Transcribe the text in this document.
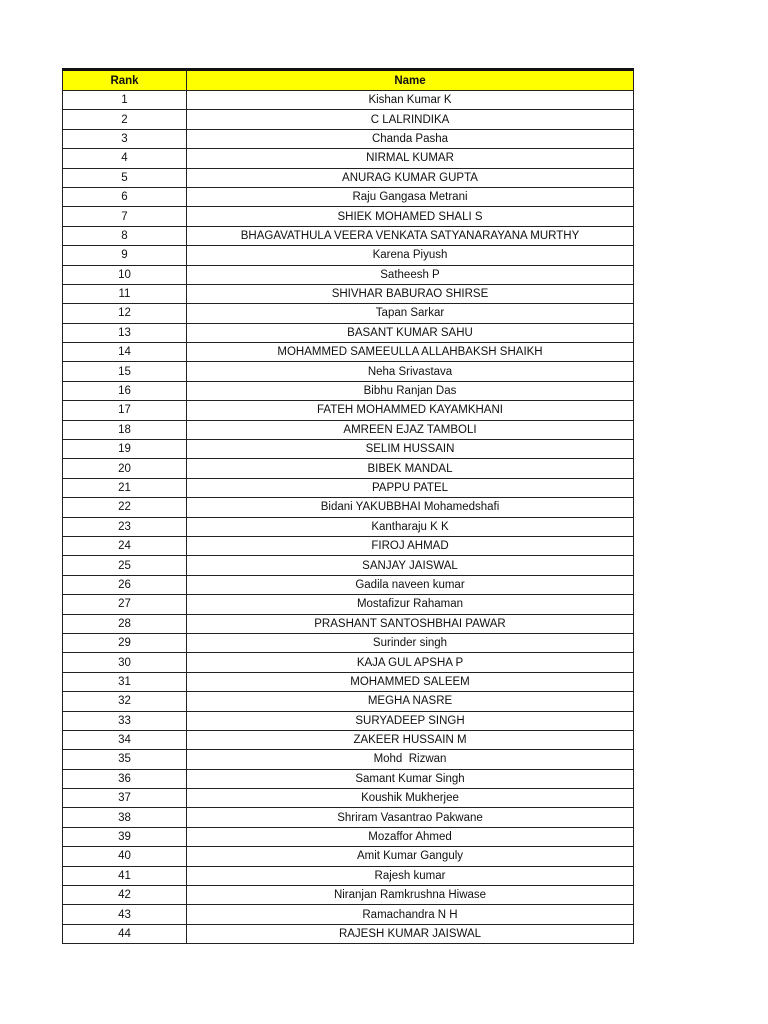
Rank	Name
1	Kishan Kumar K
2	C LALRINDIKA
3	Chanda Pasha
4	NIRMAL KUMAR
5	ANURAG KUMAR GUPTA
6	Raju Gangasa Metrani
7	SHIEK MOHAMED SHALI S
8	BHAGAVATHULA VEERA VENKATA SATYANARAYANA MURTHY
9	Karena Piyush
10	Satheesh P
11	SHIVHAR BABURAO SHIRSE
12	Tapan Sarkar
13	BASANT KUMAR SAHU
14	MOHAMMED SAMEEULLA ALLAHBAKSH SHAIKH
15	Neha Srivastava
16	Bibhu Ranjan Das
17	FATEH MOHAMMED KAYAMKHANI
18	AMREEN EJAZ TAMBOLI
19	SELIM HUSSAIN
20	BIBEK MANDAL
21	PAPPU PATEL
22	Bidani YAKUBBHAI Mohamedshafi
23	Kantharaju K K
24	FIROJ AHMAD
25	SANJAY JAISWAL
26	Gadila naveen kumar
27	Mostafizur Rahaman
28	PRASHANT SANTOSHBHAI PAWAR
29	Surinder singh
30	KAJA GUL APSHA P
31	MOHAMMED SALEEM
32	MEGHA NASRE
33	SURYADEEP SINGH
34	ZAKEER HUSSAIN M
35	Mohd  Rizwan
36	Samant Kumar Singh
37	Koushik Mukherjee
38	Shriram Vasantrao Pakwane
39	Mozaffor Ahmed
40	Amit Kumar Ganguly
41	Rajesh kumar
42	Niranjan Ramkrushna Hiwase
43	Ramachandra N H
44	RAJESH KUMAR JAISWAL
